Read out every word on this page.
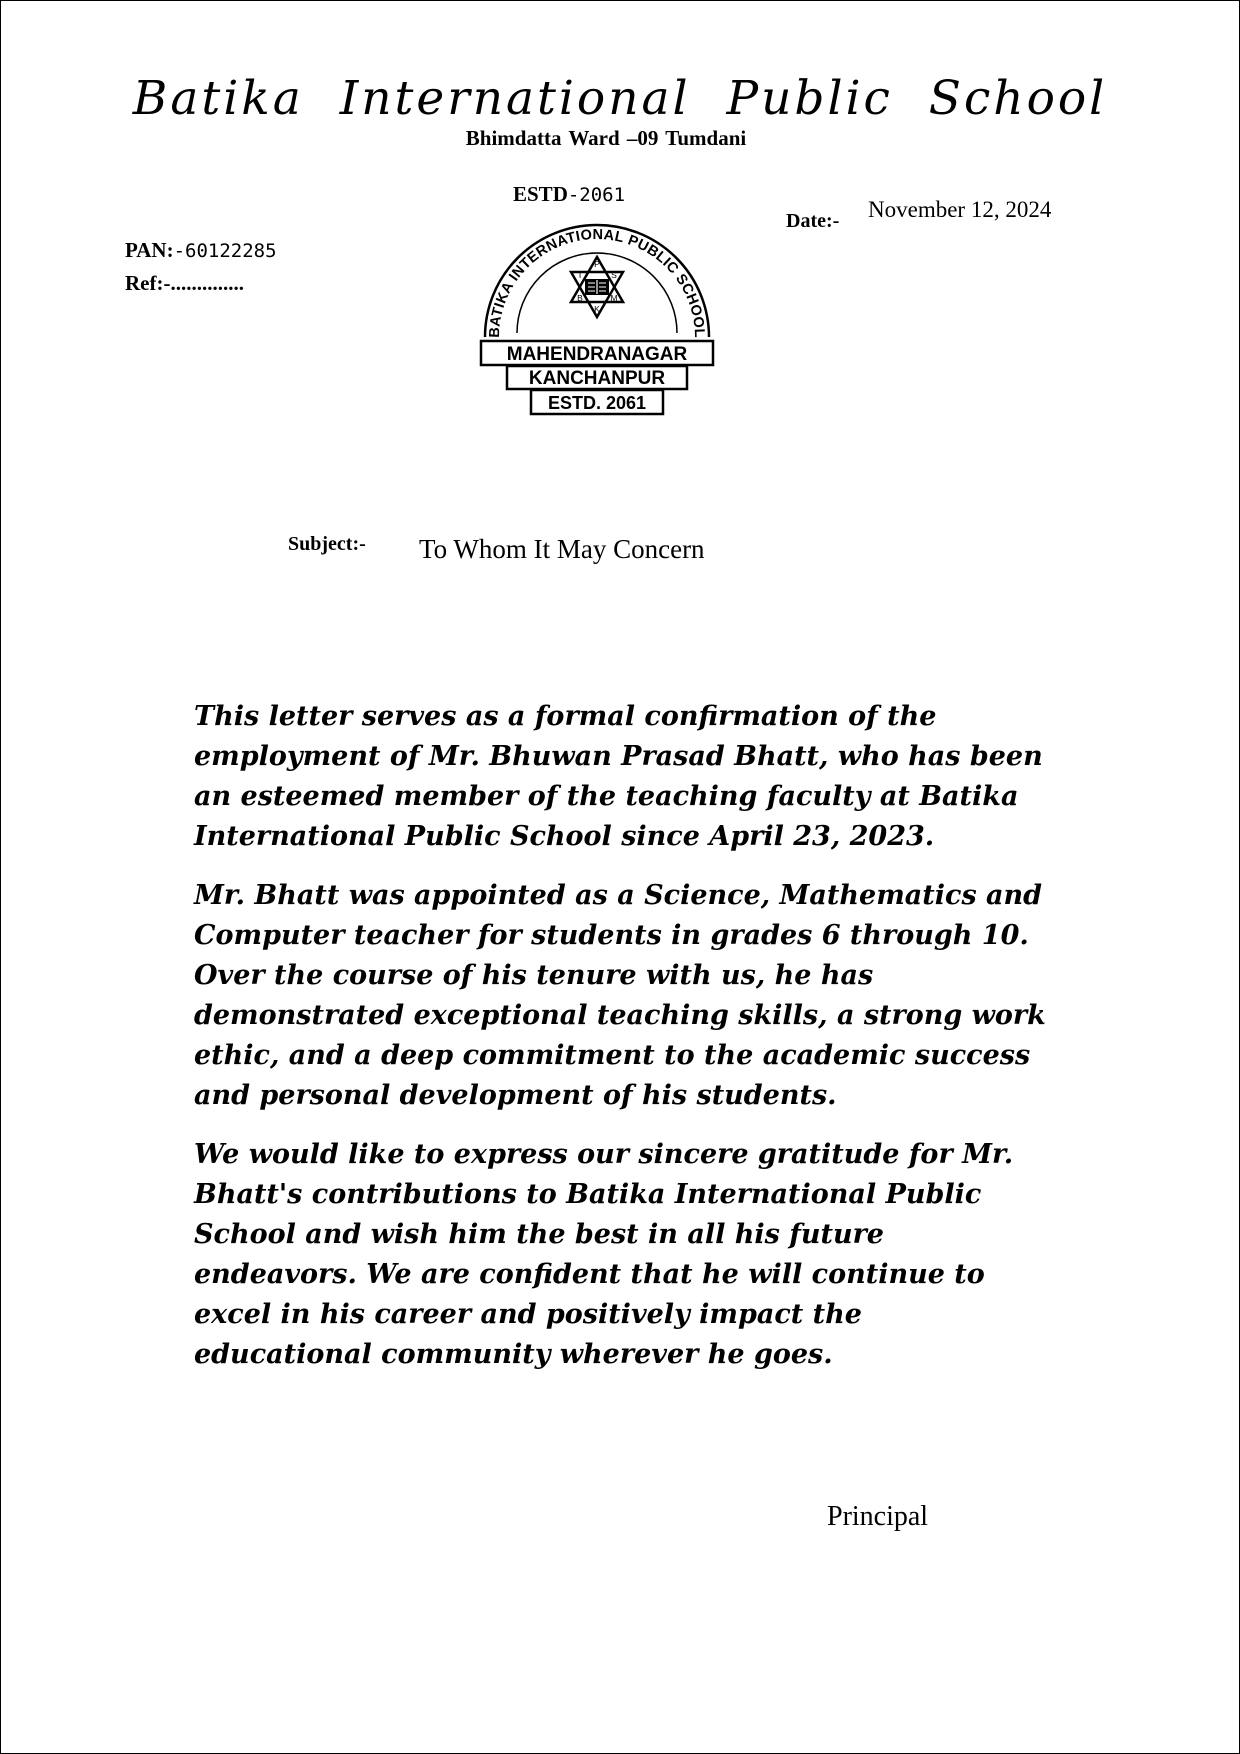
Batika International Public School
Bhimdatta Ward –09 Tumdani
ESTD-2061
PAN:-60122285
Ref:-..............
Date:- November 12, 2024
BATIKA INTERNATIONAL PUBLIC SCHOOL
I
P
S
B	M
K
MAHENDRANAGAR
KANCHANPUR
ESTD. 2061
Subject:- To Whom It May Concern

This letter serves as a formal confirmation of the employment of Mr. Bhuwan Prasad Bhatt, who has been an esteemed member of the teaching faculty at Batika International Public School since April 23, 2023.

Mr. Bhatt was appointed as a Science, Mathematics and Computer teacher for students in grades 6 through 10. Over the course of his tenure with us, he has demonstrated exceptional teaching skills, a strong work ethic, and a deep commitment to the academic success and personal development of his students.

We would like to express our sincere gratitude for Mr. Bhatt's contributions to Batika International Public School and wish him the best in all his future endeavors. We are confident that he will continue to excel in his career and positively impact the educational community wherever he goes.

Principal
